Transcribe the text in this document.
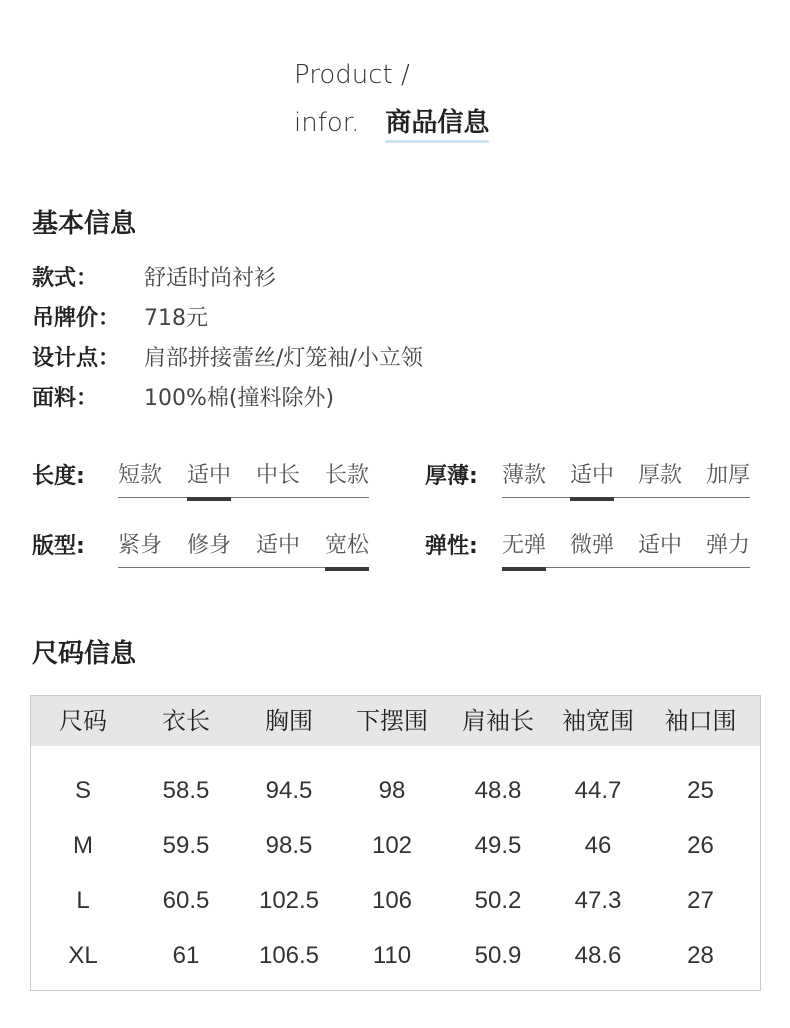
Product /
infor. 商品信息
基本信息
款式：	舒适时尚衬衫
吊牌价：	718元
设计点：	肩部拼接蕾丝/灯笼袖/小立领
面料：	100%棉(撞料除外)
长度: 短款 适中 中长 长款	厚薄: 薄款 适中 厚款 加厚
版型: 紧身 修身 适中 宽松	弹性: 无弹 微弹 适中 弹力
尺码信息
尺码	衣长	胸围	下摆围	肩袖长	袖宽围	袖口围
S	58.5	94.5	98	48.8	44.7	25
M	59.5	98.5	102	49.5	46	26
L	60.5	102.5	106	50.2	47.3	27
XL	61	106.5	110	50.9	48.6	28
